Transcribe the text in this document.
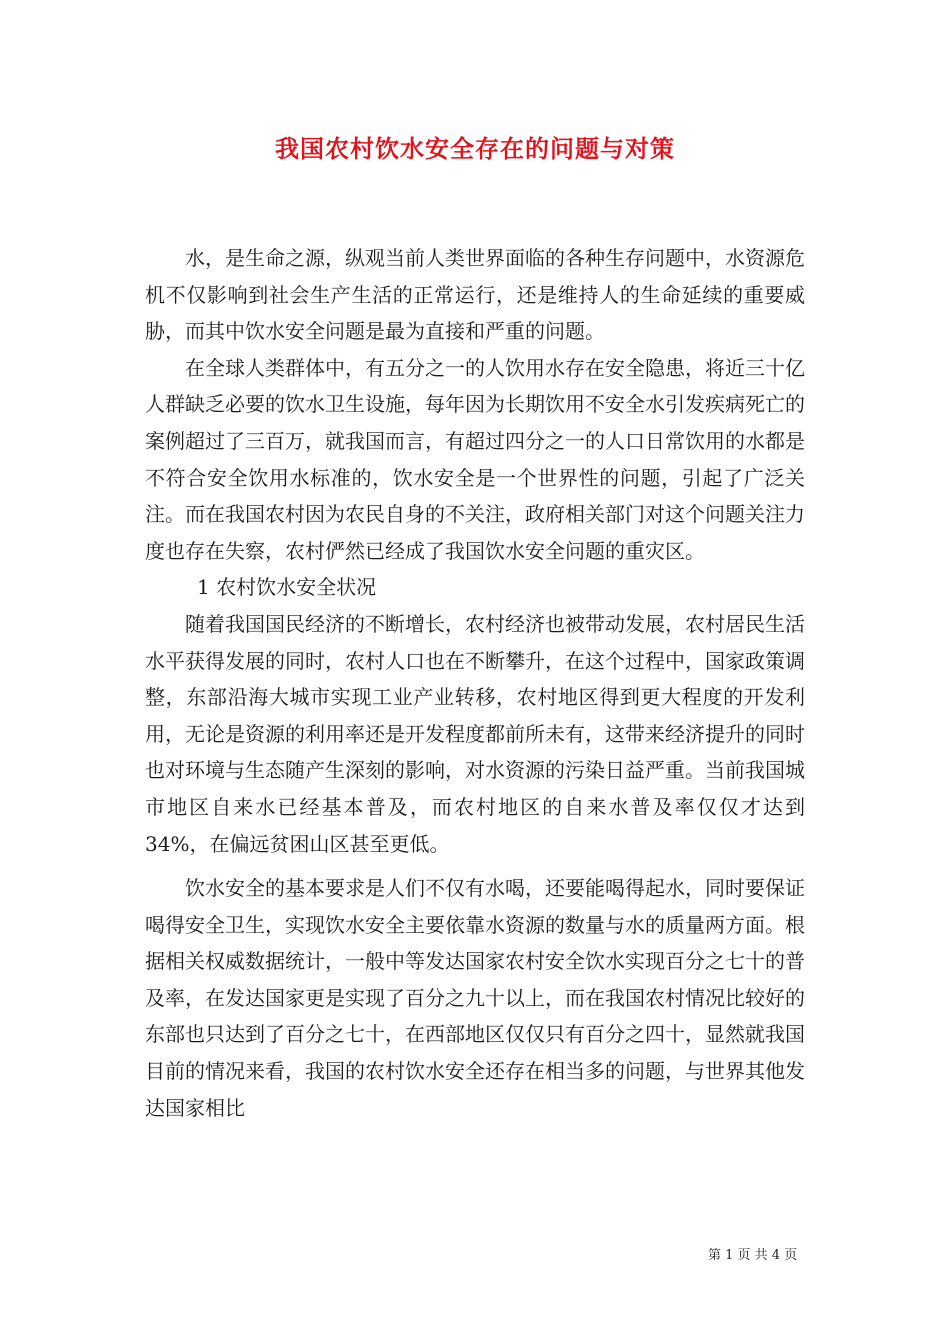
我国农村饮水安全存在的问题与对策

水，是生命之源，纵观当前人类世界面临的各种生存问题中，水资源危机不仅影响到社会生产生活的正常运行，还是维持人的生命延续的重要威胁，而其中饮水安全问题是最为直接和严重的问题。

在全球人类群体中，有五分之一的人饮用水存在安全隐患，将近三十亿人群缺乏必要的饮水卫生设施，每年因为长期饮用不安全水引发疾病死亡的案例超过了三百万，就我国而言，有超过四分之一的人口日常饮用的水都是不符合安全饮用水标准的，饮水安全是一个世界性的问题，引起了广泛关注。而在我国农村因为农民自身的不关注，政府相关部门对这个问题关注力度也存在失察，农村俨然已经成了我国饮水安全问题的重灾区。

1 农村饮水安全状况

随着我国国民经济的不断增长，农村经济也被带动发展，农村居民生活水平获得发展的同时，农村人口也在不断攀升，在这个过程中，国家政策调整，东部沿海大城市实现工业产业转移，农村地区得到更大程度的开发利用，无论是资源的利用率还是开发程度都前所未有，这带来经济提升的同时也对环境与生态随产生深刻的影响，对水资源的污染日益严重。当前我国城市地区自来水已经基本普及，而农村地区的自来水普及率仅仅才达到 34%，在偏远贫困山区甚至更低。

饮水安全的基本要求是人们不仅有水喝，还要能喝得起水，同时要保证喝得安全卫生，实现饮水安全主要依靠水资源的数量与水的质量两方面。根据相关权威数据统计，一般中等发达国家农村安全饮水实现百分之七十的普及率，在发达国家更是实现了百分之九十以上，而在我国农村情况比较好的东部也只达到了百分之七十，在西部地区仅仅只有百分之四十，显然就我国目前的情况来看，我国的农村饮水安全还存在相当多的问题，与世界其他发达国家相比

第 1 页 共 4 页
